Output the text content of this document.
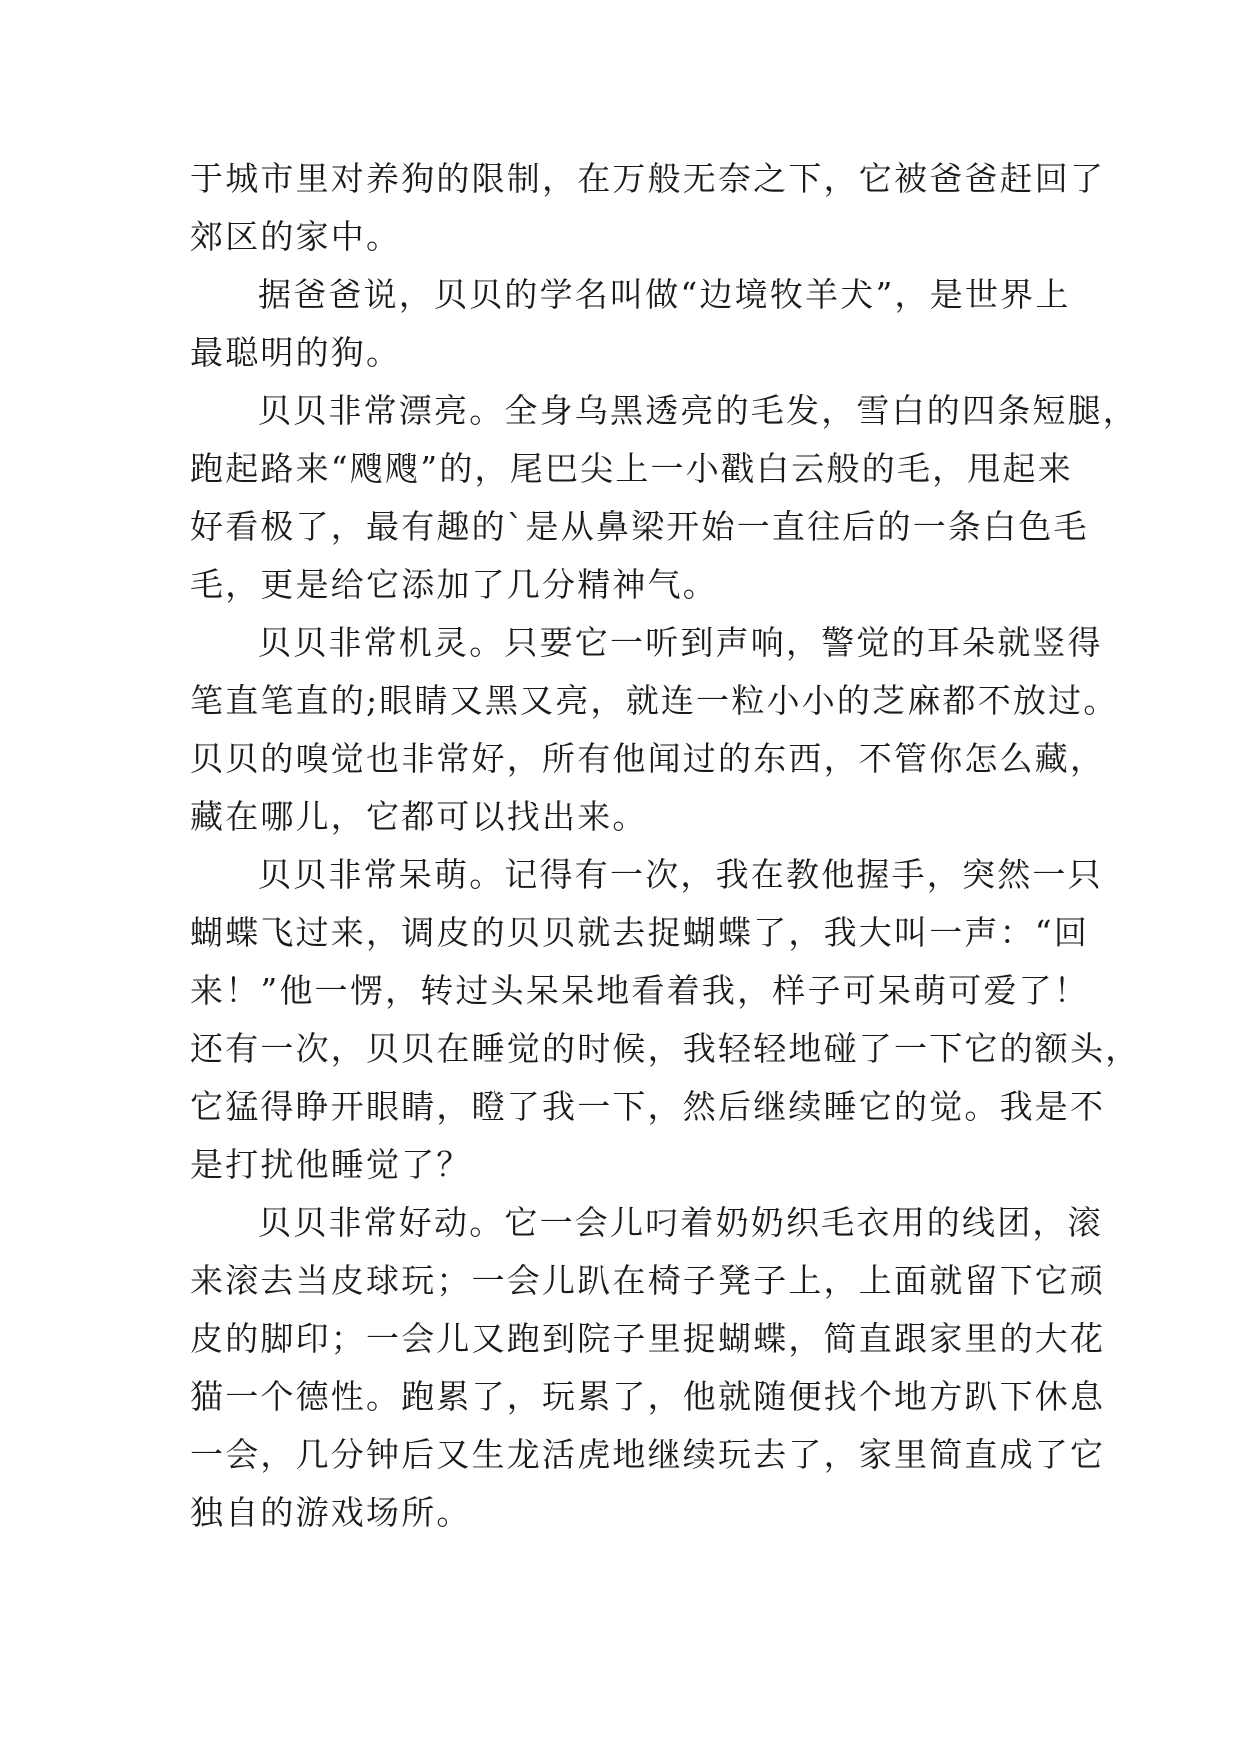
于城市里对养狗的限制，在万般无奈之下，它被爸爸赶回了
郊区的家中。
据爸爸说，贝贝的学名叫做“边境牧羊犬”，是世界上
最聪明的狗。
贝贝非常漂亮。全身乌黑透亮的毛发，雪白的四条短腿，
跑起路来“飕飕”的，尾巴尖上一小戳白云般的毛，甩起来
好看极了，最有趣的`是从鼻梁开始一直往后的一条白色毛
毛，更是给它添加了几分精神气。
贝贝非常机灵。只要它一听到声响，警觉的耳朵就竖得
笔直笔直的;眼睛又黑又亮，就连一粒小小的芝麻都不放过。
贝贝的嗅觉也非常好，所有他闻过的东西，不管你怎么藏，
藏在哪儿，它都可以找出来。
贝贝非常呆萌。记得有一次，我在教他握手，突然一只
蝴蝶飞过来，调皮的贝贝就去捉蝴蝶了，我大叫一声：“回
来！”他一愣，转过头呆呆地看着我，样子可呆萌可爱了！
还有一次，贝贝在睡觉的时候，我轻轻地碰了一下它的额头，
它猛得睁开眼睛，瞪了我一下，然后继续睡它的觉。我是不
是打扰他睡觉了？
贝贝非常好动。它一会儿叼着奶奶织毛衣用的线团，滚
来滚去当皮球玩；一会儿趴在椅子凳子上，上面就留下它顽
皮的脚印；一会儿又跑到院子里捉蝴蝶，简直跟家里的大花
猫一个德性。跑累了，玩累了，他就随便找个地方趴下休息
一会，几分钟后又生龙活虎地继续玩去了，家里简直成了它
独自的游戏场所。
